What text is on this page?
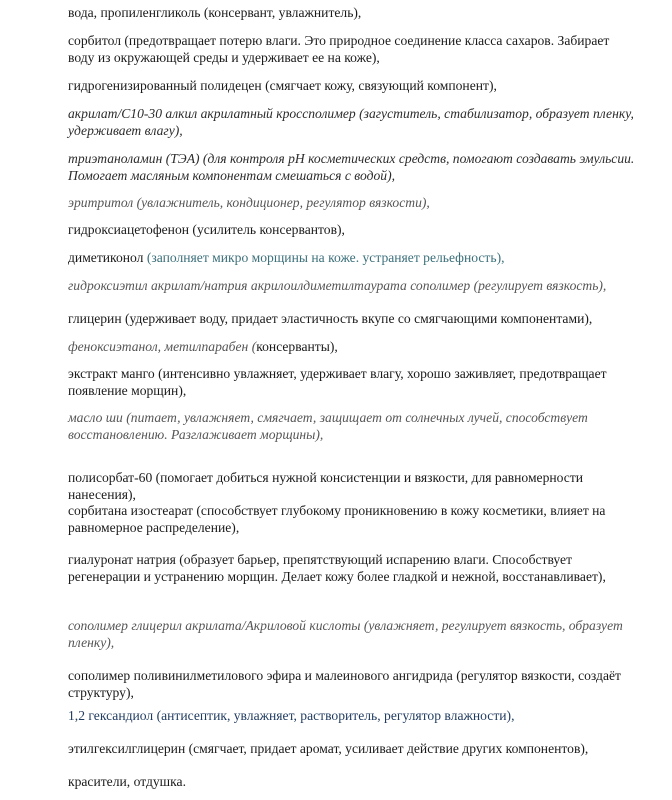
вода, пропиленгликоль (консервант, увлажнитель),

сорбитол (предотвращает потерю влаги. Это природное соединение класса сахаров. Забирает воду из окружающей среды и удерживает ее на коже),

гидрогенизированный полидецен (смягчает кожу, связующий компонент),

акрилат/C10-30 алкил акрилатный кросcполимер (загуститель, стабилизатор, образует пленку, удерживает влагу),

триэтаноламин (ТЭА) (для контроля pH косметических средств, помогают создавать эмульсии. Помогает масляным компонентам смешаться с водой),

эритритол (увлажнитель, кондиционер, регулятор вязкости),

гидроксиацетофенон (усилитель консервантов),

диметиконол (заполняет микро морщины на коже. устраняет рельефность),

гидроксиэтил акрилат/натрия акрилоилдиметилтаурата сополимер (регулирует вязкость),

глицерин (удерживает воду, придает эластичность вкупе со смягчающими компонентами),

феноксиэтанол, метилпарабен (консерванты),

экстракт манго (интенсивно увлажняет, удерживает влагу, хорошо заживляет, предотвращает появление морщин),

масло ши (питает, увлажняет, смягчает, защищает от солнечных лучей, способствует восстановлению. Разглаживает морщины),

полисорбат-60 (помогает добиться нужной консистенции и вязкости, для равномерности нанесения),

сорбитана изостеарат (способствует глубокому проникновению в кожу косметики, влияет на равномерное распределение),

гиалуронат натрия (образует барьер, препятствующий испарению влаги. Способствует регенерации и устранению морщин. Делает кожу более гладкой и нежной, восстанавливает),

сополимер глицерил акрилата/Акриловой кислоты (увлажняет, регулирует вязкость, образует пленку),

сополимер поливинилметилового эфира и малеинового ангидрида (регулятор вязкости, создаёт структуру),

1,2 гександиол (антисептик, увлажняет, растворитель, регулятор влажности),

этилгексилглицерин (смягчает, придает аромат, усиливает действие других компонентов),

красители, отдушка.
